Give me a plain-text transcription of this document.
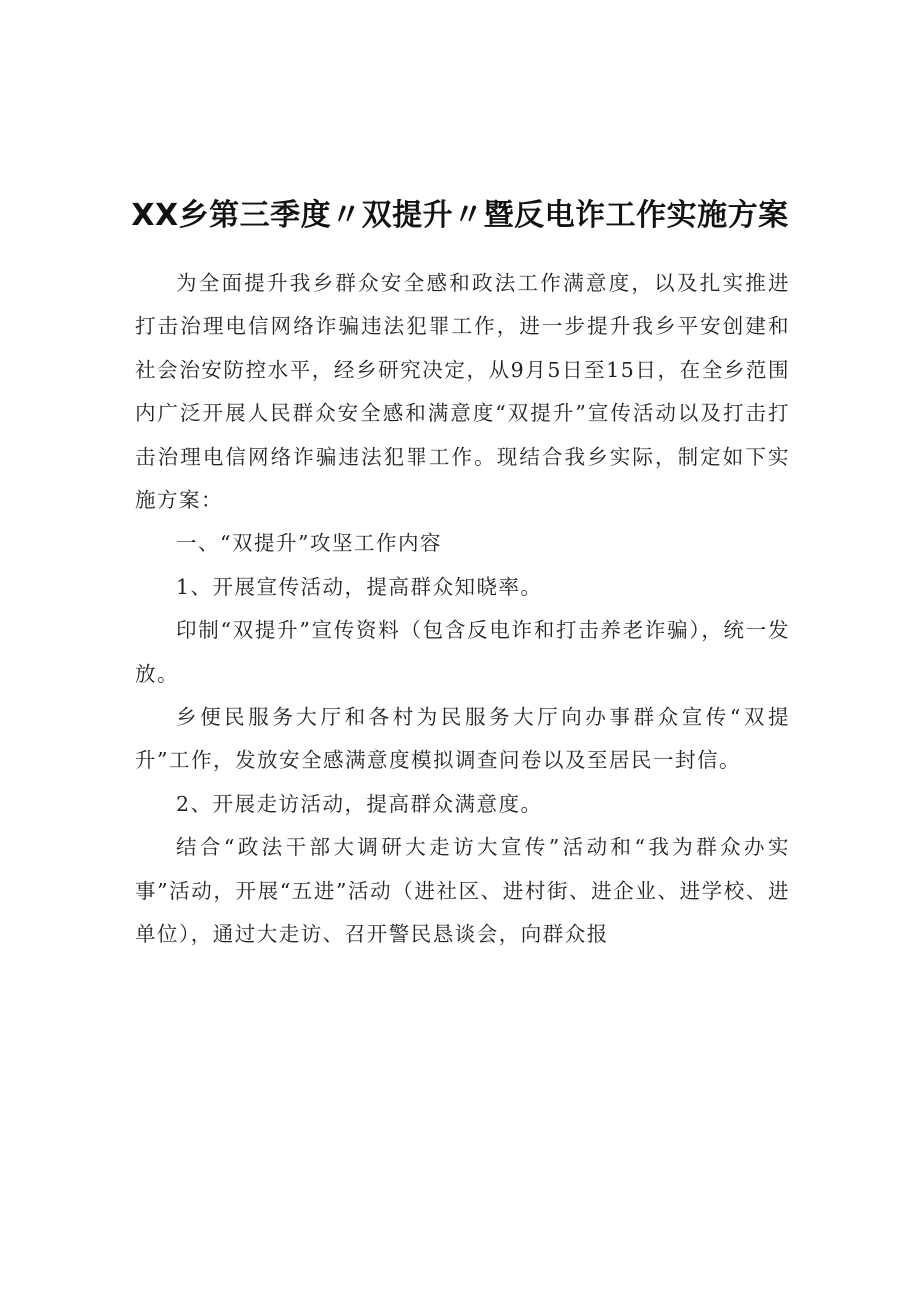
XX乡第三季度〃双提升〃暨反电诈工作实施方案

为全面提升我乡群众安全感和政法工作满意度，以及扎实推进打击治理电信网络诈骗违法犯罪工作，进一步提升我乡平安创建和社会治安防控水平，经乡研究决定，从9月5日至15日，在全乡范围内广泛开展人民群众安全感和满意度“双提升”宣传活动以及打击打击治理电信网络诈骗违法犯罪工作。现结合我乡实际，制定如下实施方案：

一、“双提升”攻坚工作内容

1、开展宣传活动，提高群众知晓率。

印制“双提升”宣传资料（包含反电诈和打击养老诈骗），统一发放。

乡便民服务大厅和各村为民服务大厅向办事群众宣传“双提升”工作，发放安全感满意度模拟调查问卷以及至居民一封信。

2、开展走访活动，提高群众满意度。

结合“政法干部大调研大走访大宣传”活动和“我为群众办实事”活动，开展“五进”活动（进社区、进村街、进企业、进学校、进单位），通过大走访、召开警民恳谈会，向群众报
